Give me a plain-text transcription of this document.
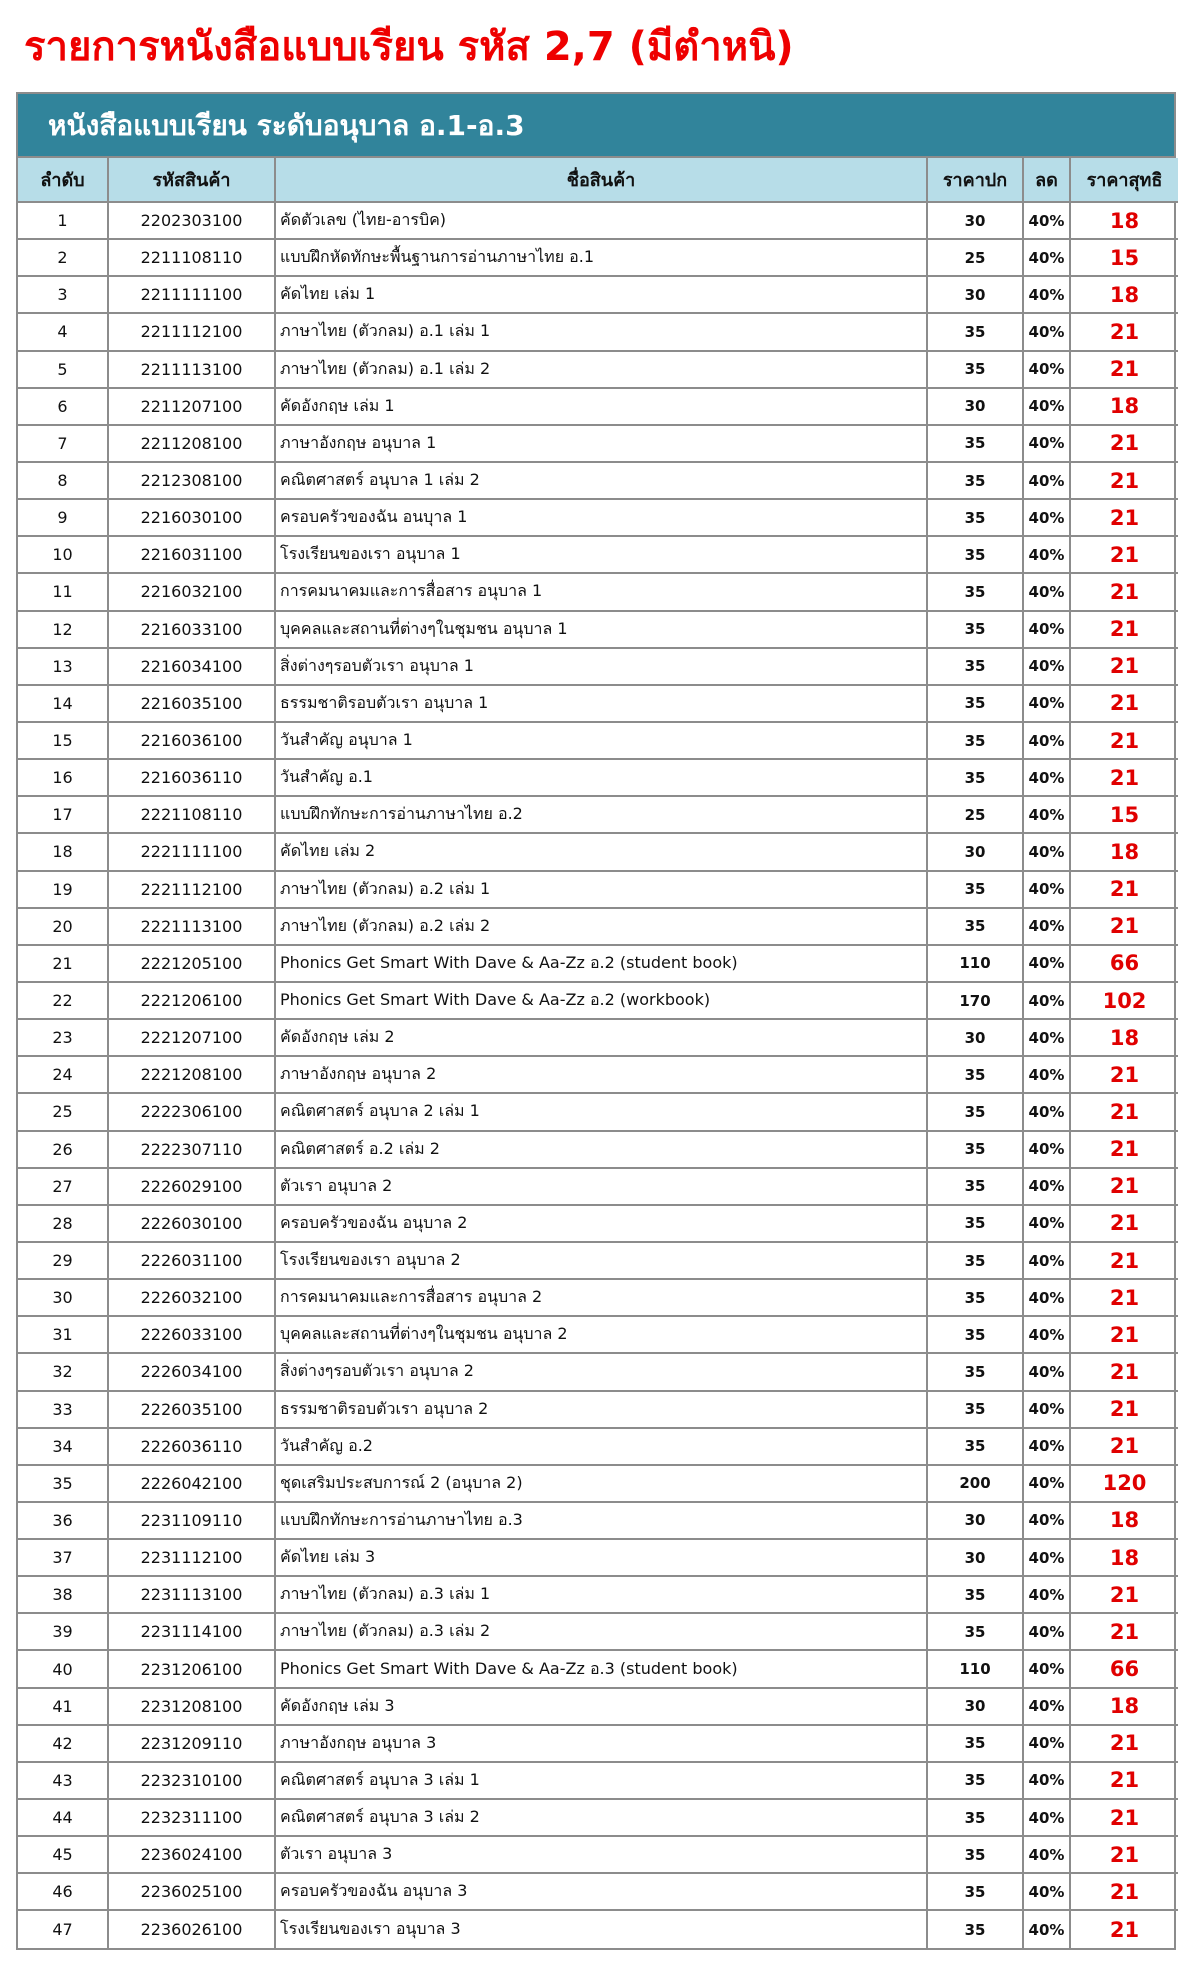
รายการหนังสือแบบเรียน รหัส 2,7 (มีตำหนิ)
หนังสือแบบเรียน ระดับอนุบาล อ.1-อ.3
ลำดับ	รหัสสินค้า	ชื่อสินค้า	ราคาปก	ลด	ราคาสุทธิ
1	2202303100	คัดตัวเลข (ไทย-อารบิค)	30	40%	18
2	2211108110	แบบฝึกหัดทักษะพื้นฐานการอ่านภาษาไทย อ.1	25	40%	15
3	2211111100	คัดไทย เล่ม 1	30	40%	18
4	2211112100	ภาษาไทย (ตัวกลม) อ.1 เล่ม 1	35	40%	21
5	2211113100	ภาษาไทย (ตัวกลม) อ.1 เล่ม 2	35	40%	21
6	2211207100	คัดอังกฤษ เล่ม 1	30	40%	18
7	2211208100	ภาษาอังกฤษ อนุบาล 1	35	40%	21
8	2212308100	คณิตศาสตร์ อนุบาล 1 เล่ม 2	35	40%	21
9	2216030100	ครอบครัวของฉัน อนบุาล 1	35	40%	21
10	2216031100	โรงเรียนของเรา อนุบาล 1	35	40%	21
11	2216032100	การคมนาคมและการสื่อสาร อนุบาล 1	35	40%	21
12	2216033100	บุคคลและสถานที่ต่างๆในชุมชน อนุบาล 1	35	40%	21
13	2216034100	สิ่งต่างๆรอบตัวเรา อนุบาล 1	35	40%	21
14	2216035100	ธรรมชาติรอบตัวเรา อนุบาล 1	35	40%	21
15	2216036100	วันสำคัญ อนุบาล 1	35	40%	21
16	2216036110	วันสำคัญ อ.1	35	40%	21
17	2221108110	แบบฝึกทักษะการอ่านภาษาไทย อ.2	25	40%	15
18	2221111100	คัดไทย เล่ม 2	30	40%	18
19	2221112100	ภาษาไทย (ตัวกลม) อ.2 เล่ม 1	35	40%	21
20	2221113100	ภาษาไทย (ตัวกลม) อ.2 เล่ม 2	35	40%	21
21	2221205100	Phonics Get Smart With Dave & Aa-Zz อ.2 (student book)	110	40%	66
22	2221206100	Phonics Get Smart With Dave & Aa-Zz อ.2 (workbook)	170	40%	102
23	2221207100	คัดอังกฤษ เล่ม 2	30	40%	18
24	2221208100	ภาษาอังกฤษ อนุบาล 2	35	40%	21
25	2222306100	คณิตศาสตร์ อนุบาล 2 เล่ม 1	35	40%	21
26	2222307110	คณิตศาสตร์ อ.2 เล่ม 2	35	40%	21
27	2226029100	ตัวเรา อนุบาล 2	35	40%	21
28	2226030100	ครอบครัวของฉัน อนุบาล 2	35	40%	21
29	2226031100	โรงเรียนของเรา อนุบาล 2	35	40%	21
30	2226032100	การคมนาคมและการสื่อสาร อนุบาล 2	35	40%	21
31	2226033100	บุคคลและสถานที่ต่างๆในชุมชน อนุบาล 2	35	40%	21
32	2226034100	สิ่งต่างๆรอบตัวเรา อนุบาล 2	35	40%	21
33	2226035100	ธรรมชาติรอบตัวเรา อนุบาล 2	35	40%	21
34	2226036110	วันสำคัญ อ.2	35	40%	21
35	2226042100	ชุดเสริมประสบการณ์ 2 (อนุบาล 2)	200	40%	120
36	2231109110	แบบฝึกทักษะการอ่านภาษาไทย อ.3	30	40%	18
37	2231112100	คัดไทย เล่ม 3	30	40%	18
38	2231113100	ภาษาไทย (ตัวกลม) อ.3 เล่ม 1	35	40%	21
39	2231114100	ภาษาไทย (ตัวกลม) อ.3 เล่ม 2	35	40%	21
40	2231206100	Phonics Get Smart With Dave & Aa-Zz อ.3 (student book)	110	40%	66
41	2231208100	คัดอังกฤษ เล่ม 3	30	40%	18
42	2231209110	ภาษาอังกฤษ อนุบาล 3	35	40%	21
43	2232310100	คณิตศาสตร์ อนุบาล 3 เล่ม 1	35	40%	21
44	2232311100	คณิตศาสตร์ อนุบาล 3 เล่ม 2	35	40%	21
45	2236024100	ตัวเรา อนุบาล 3	35	40%	21
46	2236025100	ครอบครัวของฉัน อนุบาล 3	35	40%	21
47	2236026100	โรงเรียนของเรา อนุบาล 3	35	40%	21
